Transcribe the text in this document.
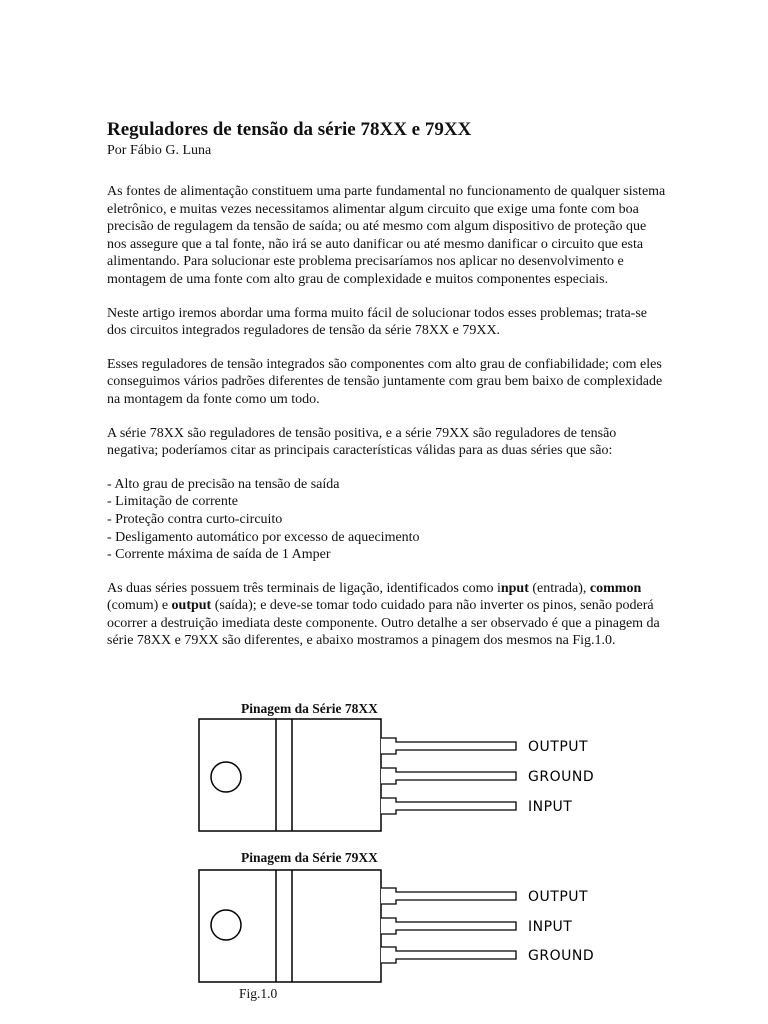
Reguladores de tensão da série 78XX e 79XX

Por Fábio G. Luna

As fontes de alimentação constituem uma parte fundamental no funcionamento de qualquer sistema eletrônico, e muitas vezes necessitamos alimentar algum circuito que exige uma fonte com boa precisão de regulagem da tensão de saída; ou até mesmo com algum dispositivo de proteção que nos assegure que a tal fonte, não irá se auto danificar ou até mesmo danificar o circuito que esta alimentando. Para solucionar este problema precisaríamos nos aplicar no desenvolvimento e montagem de uma fonte com alto grau de complexidade e muitos componentes especiais.

Neste artigo iremos abordar uma forma muito fácil de solucionar todos esses problemas; trata-se dos circuitos integrados reguladores de tensão da série 78XX e 79XX.

Esses reguladores de tensão integrados são componentes com alto grau de confiabilidade; com eles conseguimos vários padrões diferentes de tensão juntamente com grau bem baixo de complexidade na montagem da fonte como um todo.

A série 78XX são reguladores de tensão positiva, e a série 79XX são reguladores de tensão negativa; poderíamos citar as principais características válidas para as duas séries que são:

- Alto grau de precisão na tensão de saída
- Limitação de corrente
- Proteção contra curto-circuito
- Desligamento automático por excesso de aquecimento
- Corrente máxima de saída de 1 Amper

As duas séries possuem três terminais de ligação, identificados como input (entrada), common (comum) e output (saída); e deve-se tomar todo cuidado para não inverter os pinos, senão poderá ocorrer a destruição imediata deste componente. Outro detalhe a ser observado é que a pinagem da série 78XX e 79XX são diferentes, e abaixo mostramos a pinagem dos mesmos na Fig.1.0.

Pinagem da Série 78XX
OUTPUT
GROUND
INPUT
Pinagem da Série 79XX
OUTPUT
INPUT
GROUND
Fig.1.0
